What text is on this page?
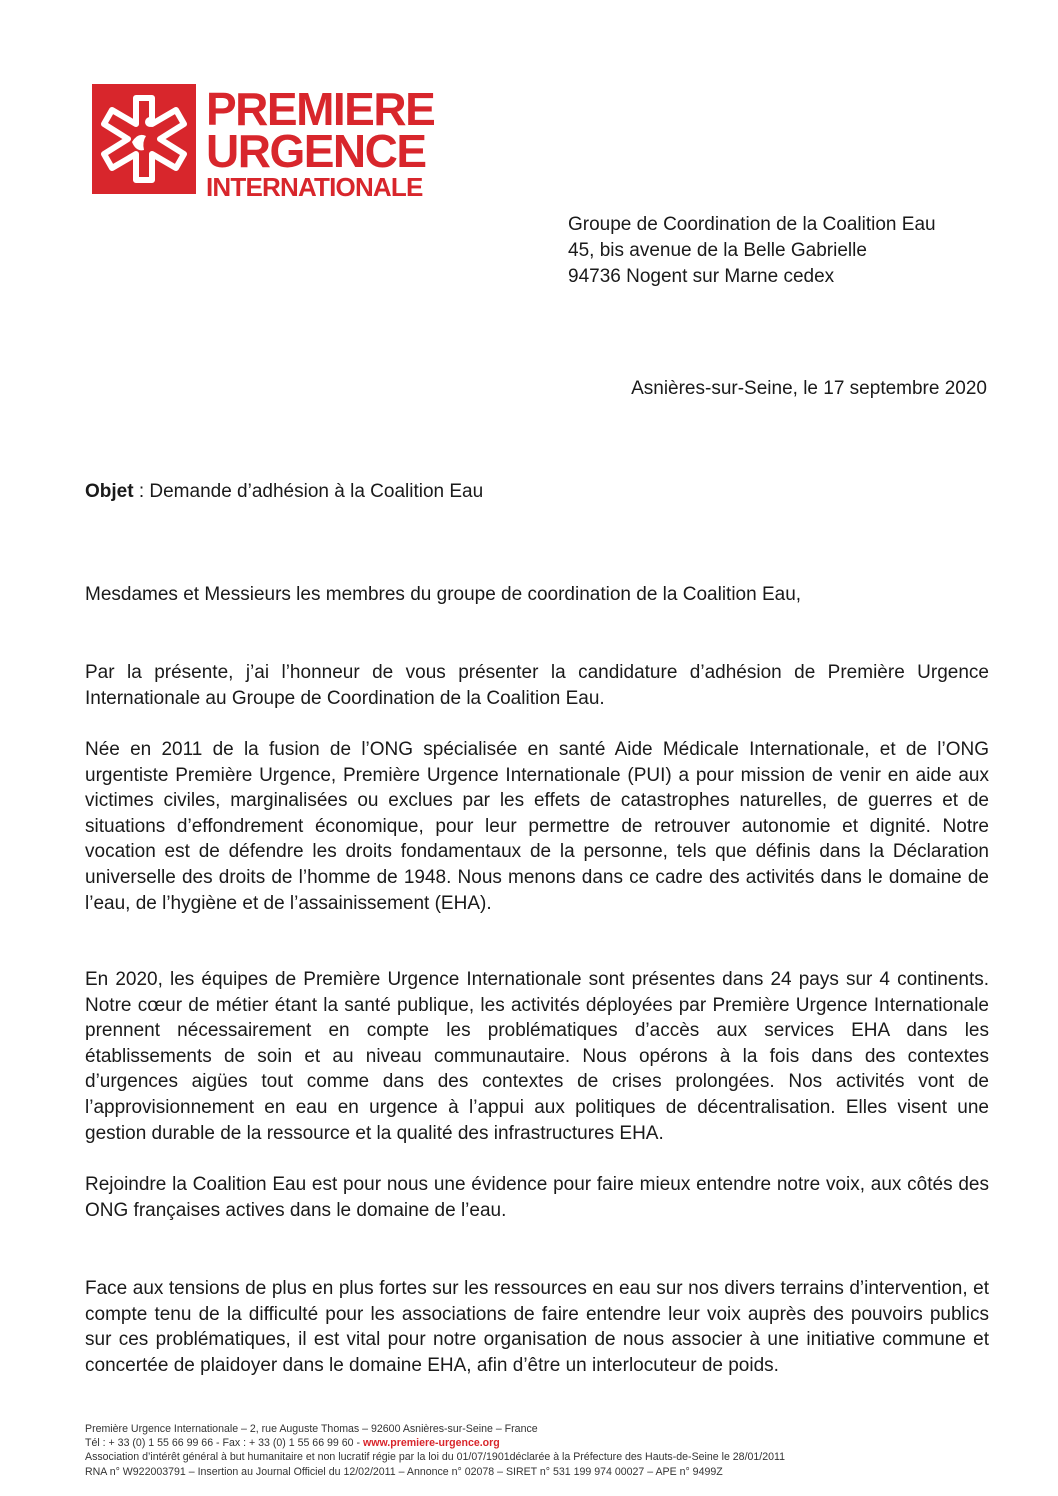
PREMIERE
URGENCE
INTERNATIONALE
Groupe de Coordination de la Coalition Eau
45, bis avenue de la Belle Gabrielle
94736 Nogent sur Marne cedex
Asnières-sur-Seine, le 17 septembre 2020
Objet : Demande d’adhésion à la Coalition Eau
Mesdames et Messieurs les membres du groupe de coordination de la Coalition Eau,
Par la présente, j’ai l’honneur de vous présenter la candidature d’adhésion de Première Urgence Internationale au Groupe de Coordination de la Coalition Eau.
Née en 2011 de la fusion de l’ONG spécialisée en santé Aide Médicale Internationale, et de l’ONG urgentiste Première Urgence, Première Urgence Internationale (PUI) a pour mission de venir en aide aux victimes civiles, marginalisées ou exclues par les effets de catastrophes naturelles, de guerres et de situations d’effondrement économique, pour leur permettre de retrouver autonomie et dignité. Notre vocation est de défendre les droits fondamentaux de la personne, tels que définis dans la Déclaration universelle des droits de l’homme de 1948. Nous menons dans ce cadre des activités dans le domaine de l’eau, de l’hygiène et de l’assainissement (EHA).
En 2020, les équipes de Première Urgence Internationale sont présentes dans 24 pays sur 4 continents. Notre cœur de métier étant la santé publique, les activités déployées par Première Urgence Internationale prennent nécessairement en compte les problématiques d’accès aux services EHA dans les établissements de soin et au niveau communautaire. Nous opérons à la fois dans des contextes d’urgences aigües tout comme dans des contextes de crises prolongées. Nos activités vont de l’approvisionnement en eau en urgence à l’appui aux politiques de décentralisation. Elles visent une gestion durable de la ressource et la qualité des infrastructures EHA.
Rejoindre la Coalition Eau est pour nous une évidence pour faire mieux entendre notre voix, aux côtés des ONG françaises actives dans le domaine de l’eau.
Face aux tensions de plus en plus fortes sur les ressources en eau sur nos divers terrains d’intervention, et compte tenu de la difficulté pour les associations de faire entendre leur voix auprès des pouvoirs publics sur ces problématiques, il est vital pour notre organisation de nous associer à une initiative commune et concertée de plaidoyer dans le domaine EHA, afin d’être un interlocuteur de poids.
Première Urgence Internationale – 2, rue Auguste Thomas – 92600 Asnières-sur-Seine – France
Tél : + 33 (0) 1 55 66 99 66 - Fax : + 33 (0) 1 55 66 99 60 - www.premiere-urgence.org
Association d’intérêt général à but humanitaire et non lucratif régie par la loi du 01/07/1901déclarée à la Préfecture des Hauts-de-Seine le 28/01/2011
RNA n° W922003791 – Insertion au Journal Officiel du 12/02/2011 – Annonce n° 02078 – SIRET n° 531 199 974 00027 – APE n° 9499Z
